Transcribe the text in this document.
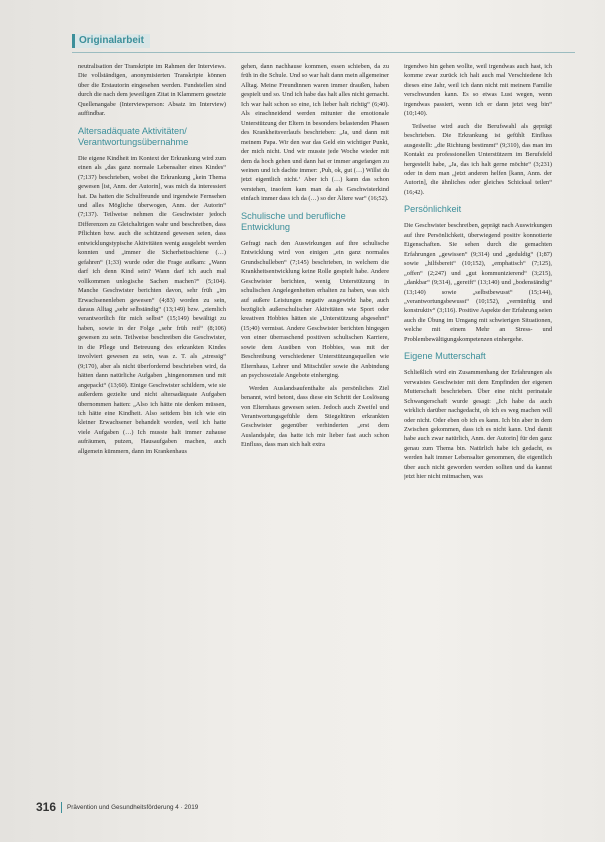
Originalarbeit

neutralisation der Transkripte im Rahmen der Interviews. Die vollständigen, anonymisierten Transkripte können über die Erstautorin eingesehen werden. Fundstellen sind durch die nach dem jeweiligen Zitat in Klammern gesetzte Quellenangabe (Interviewperson: Absatz im Interview) auffindbar.

Altersadäquate Aktivitäten/ Verantwortungsübernahme

Die eigene Kindheit im Kontext der Erkrankung wird zum einen als „das ganz normale Lebensalter eines Kindes“ (7;137) beschrieben, wobei die Erkrankung „kein Thema gewesen [ist, Anm. der Autorin], was mich da interessiert hat. Da hatten die Schulfreunde und irgendwie Fernsehen und alles Mögliche überwogen, Anm. der Autorin“ (7;137). Teilweise nehmen die Geschwister jedoch Differenzen zu Gleichaltrigen wahr und beschreiben, dass Pflichten bzw. auch die schützend gewesen seien, dass entwicklungstypische Aktivitäten wenig ausgelebt werden konnten und „immer die Sicherheitsschiene (…) gefahren“ (1;33) wurde oder die Frage aufkam: „Wann darf ich denn Kind sein? Wann darf ich auch mal vollkommen unlogische Sachen machen?“ (5;104). Manche Geschwister berichten davon, sehr früh „im Erwachsenenleben gewesen“ (4;83) worden zu sein, daraus Alltag „sehr selbständig“ (13;149) bzw. „ziemlich verantwortlich für mich selbst“ (15;149) bewältigt zu haben, sowie in der Folge „sehr früh reif“ (8;106) gewesen zu sein. Teilweise beschreiben die Geschwister, in die Pflege und Betreuung des erkrankten Kindes involviert gewesen zu sein, was z. T. als „stressig“ (9;170), aber als nicht überfordernd beschrieben wird, da hätten dann natürliche Aufgaben „hingenommen und mit angepackt“ (13;60). Einige Geschwister schildern, wie sie außerdem gezielte und nicht altersadäquate Aufgaben übernommen hatten: „Also ich hätte nie denken müssen, ich hätte eine Kindheit. Also seitdem bin ich wie ein kleiner Erwachsener behandelt worden, weil ich hatte viele Aufgaben (…) Ich musste halt immer zuhause aufräumen, putzen, Hausaufgaben machen, auch allgemein kümmern, dann im Krankenhaus

gehen, dann nachhause kommen, essen schieben, da zu früh in die Schule. Und so war halt dann mein allgemeiner Alltag. Meine Freundinnen waren immer draußen, haben gespielt und so. Und ich habe das halt alles nicht gemacht. Ich war halt schon so eine, ich lieber halt richtig“ (6;40). Als einschneidend werden mitunter die emotionale Unterstützung der Eltern in besonders belastenden Phasen des Krankheitsverlaufs beschrieben: „Ja, und dann mit meinem Papa. Wir den war das Geld ein wichtiger Punkt, der mich nicht. Und wir musste jede Woche wieder mit dem da hoch gehen und dann hat er immer angefangen zu weinen und ich dachte immer: ‚Puh, ok, gut (…) Willst du jetzt eigentlich nicht.‘ Aber ich (…) kann das schon verstehen, insofern kam man da als Geschwisterkind einfach immer dass ich da (…) so der Ältere war“ (16;52).

Schulische und berufliche Entwicklung

Gefragt nach den Auswirkungen auf ihre schulische Entwicklung wird von einigen „ein ganz normales Grundschulleben“ (7;145) beschrieben, in welchem die Krankheitsentwicklung keine Rolle gespielt habe. Andere Geschwister berichten, wenig Unterstützung in schulischen Angelegenheiten erhalten zu haben, was sich auf außere Leistungen negativ ausgewirkt habe, auch bezüglich außerschulischer Aktivitäten wie Sport oder kreativen Hobbies hätten sie „Unterstützung abgesehnt“ (15;40) vermisst. Andere Geschwister berichten hingegen von einer überraschend positiven schulischen Karriere, sowie dem Ausüben von Hobbies, was mit der Beschreibung verschiedener Unterstützungsquellen wie Elternhaus, Lehrer und Mitschüler sowie die Anbindung an psychosoziale Angebote einherging.

Werden Auslandsaufenthalte als persönliches Ziel benannt, wird betont, dass diese ein Schritt der Loslösung von Elternhaus gewesen seien. Jedoch auch Zweifel und Verantwortungsgefühle dem Stiegeltüren erkrankten Geschwister gegenüber verhinderten „erst dem Auslandsjahr, das hatte ich mir lieber fast auch schon Einfluss, dass man sich halt extra

irgendwo hin gehen wollte, weil irgendwas auch hast, ich komme zwar zurück ich halt auch mal Verschiedene Ich dieses eine Jahr, weil ich dann nicht mit meinem Familie verschwunden kann. Es so etwas Lust wegen, wenn irgendwas passiert, wenn ich er dann jetzt weg bin“ (10;140).

Teilweise wird auch die Berufswahl als geprägt beschrieben. Die Erkrankung ist gefühlt Einfluss ausgestellt: „die Richtung bestimmt“ (9;310), das man im Kontakt zu professionellen Unterstützern im Berufsfeld hergestellt habe, „Ja, das ich halt gerne möchte“ (3;231) oder in dem man „jetzt anderen helfen [kann, Anm. der Autorin], die ähnliches oder gleiches Schicksal teilen“ (16;42).

Persönlichkeit

Die Geschwister beschreiben, geprägt nach Auswirkungen auf ihre Persönlichkeit, überwiegend positiv konnotierte Eigenschaften. Sie sehen durch die gemachten Erfahrungen „gewissen“ (9;314) und „geduldig“ (1;87) sowie „hilfsbereit“ (10;152), „emphatisch“ (7;125), „offen“ (2;247) und „gut kommunizierend“ (3;215), „dankbar“ (9;314), „gereift“ (13;140) und „bodenständig“ (13;140) sowie „selbstbewusst“ (15;144), „verantwortungsbewusst“ (10;152), „vernünftig und konstruktiv“ (3;116). Positive Aspekte der Erfahrung seien auch die Übung im Umgang mit schwierigen Situationen, welche mit einem Mehr an Stress- und Problembewältigungskompetenzen einhergehe.

Eigene Mutterschaft

Schließlich wird ein Zusammenhang der Erfahrungen als verwaistes Geschwister mit dem Empfinden der eigenen Mutterschaft beschrieben. Über eine nicht perinatale Schwangerschaft wurde gesagt: „Ich habe da auch wirklich darüber nachgedacht, ob ich es weg machen will oder nicht. Oder eben ob ich es kann. Ich bin aber in dem Zwischen gekommen, dass ich es nicht kann. Und damit habe auch zwar natürlich, Anm. der Autorin] für den ganz genau zum Thema bin. Natürlich habe ich gedacht, es werden halt immer Lebensalter genommen, die eigentlich über auch nicht geworden werden sollten und da kannst jetzt hier nicht mitmachen, was

316 Prävention und Gesundheitsförderung 4 · 2019
